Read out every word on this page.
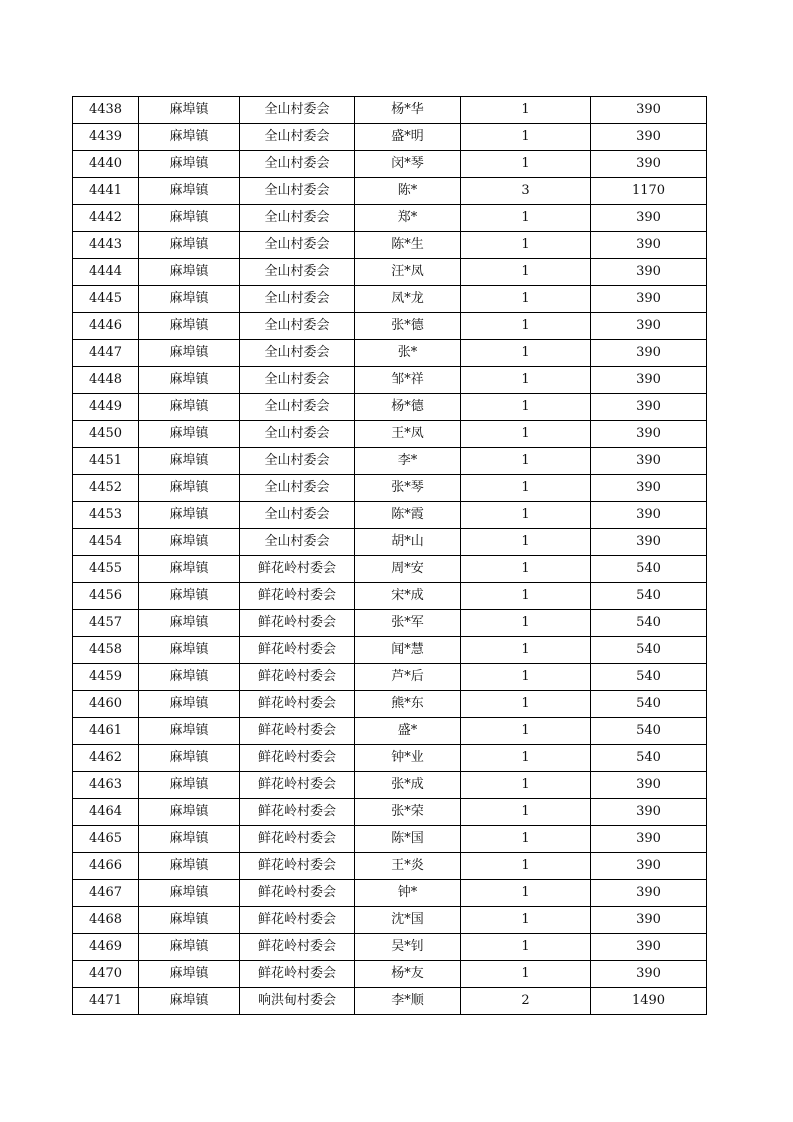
4438	麻埠镇	全山村委会	杨*华	1	390
4439	麻埠镇	全山村委会	盛*明	1	390
4440	麻埠镇	全山村委会	闵*琴	1	390
4441	麻埠镇	全山村委会	陈*	3	1170
4442	麻埠镇	全山村委会	郑*	1	390
4443	麻埠镇	全山村委会	陈*生	1	390
4444	麻埠镇	全山村委会	汪*凤	1	390
4445	麻埠镇	全山村委会	凤*龙	1	390
4446	麻埠镇	全山村委会	张*德	1	390
4447	麻埠镇	全山村委会	张*	1	390
4448	麻埠镇	全山村委会	邹*祥	1	390
4449	麻埠镇	全山村委会	杨*德	1	390
4450	麻埠镇	全山村委会	王*凤	1	390
4451	麻埠镇	全山村委会	李*	1	390
4452	麻埠镇	全山村委会	张*琴	1	390
4453	麻埠镇	全山村委会	陈*霞	1	390
4454	麻埠镇	全山村委会	胡*山	1	390
4455	麻埠镇	鲜花岭村委会	周*安	1	540
4456	麻埠镇	鲜花岭村委会	宋*成	1	540
4457	麻埠镇	鲜花岭村委会	张*军	1	540
4458	麻埠镇	鲜花岭村委会	闻*慧	1	540
4459	麻埠镇	鲜花岭村委会	芦*后	1	540
4460	麻埠镇	鲜花岭村委会	熊*东	1	540
4461	麻埠镇	鲜花岭村委会	盛*	1	540
4462	麻埠镇	鲜花岭村委会	钟*业	1	540
4463	麻埠镇	鲜花岭村委会	张*成	1	390
4464	麻埠镇	鲜花岭村委会	张*荣	1	390
4465	麻埠镇	鲜花岭村委会	陈*国	1	390
4466	麻埠镇	鲜花岭村委会	王*炎	1	390
4467	麻埠镇	鲜花岭村委会	钟*	1	390
4468	麻埠镇	鲜花岭村委会	沈*国	1	390
4469	麻埠镇	鲜花岭村委会	吴*钊	1	390
4470	麻埠镇	鲜花岭村委会	杨*友	1	390
4471	麻埠镇	响洪甸村委会	李*顺	2	1490
